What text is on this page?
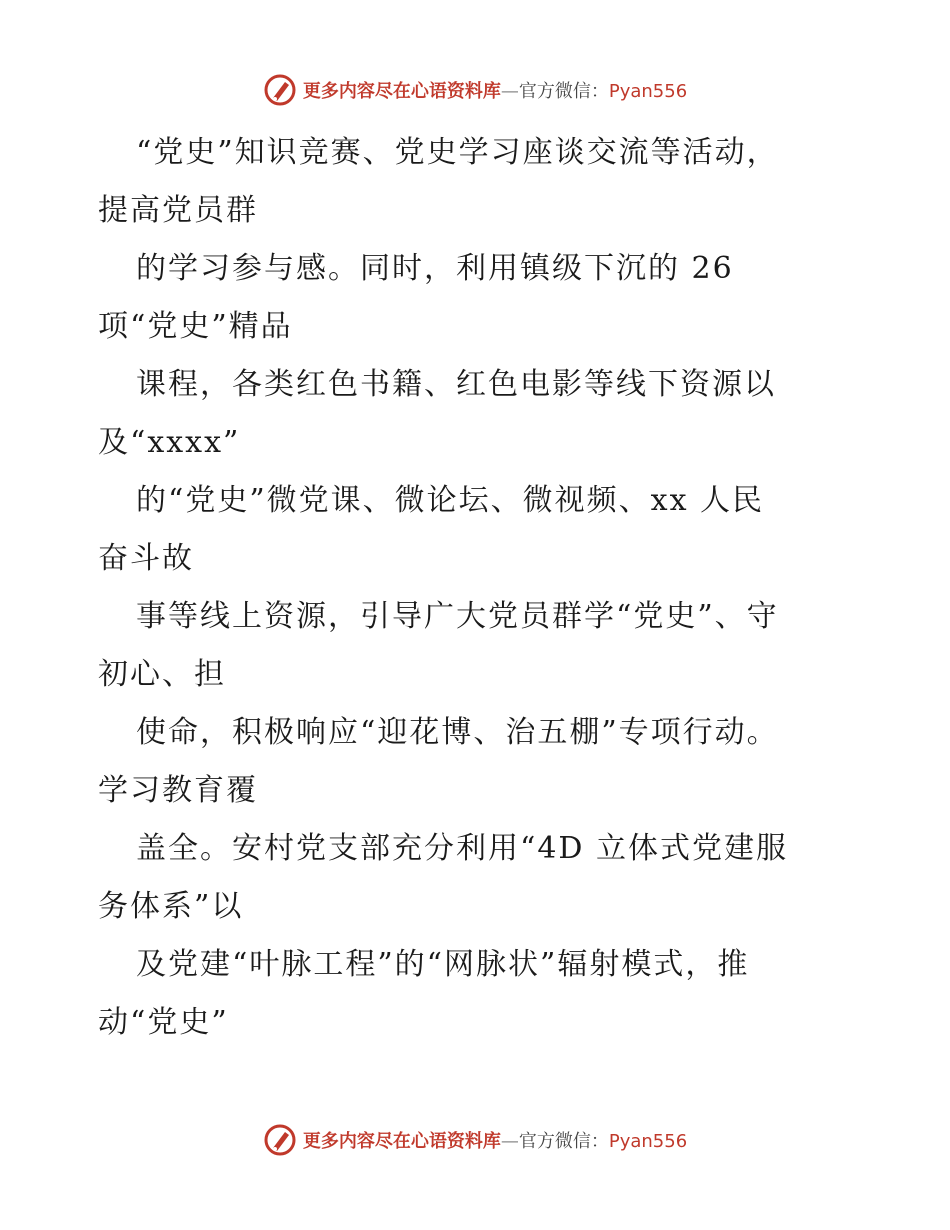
更多内容尽在心语资料库—官方微信：Pyan556
“党史”知识竞赛、党史学习座谈交流等活动，
提高党员群
的学习参与感。同时，利用镇级下沉的 26
项“党史”精品
课程，各类红色书籍、红色电影等线下资源以
及“xxxx”
的“党史”微党课、微论坛、微视频、xx 人民
奋斗故
事等线上资源，引导广大党员群学“党史”、守
初心、担
使命，积极响应“迎花博、治五棚”专项行动。
学习教育覆
盖全。安村党支部充分利用“4D 立体式党建服
务体系”以
及党建“叶脉工程”的“网脉状”辐射模式，推
动“党史”
更多内容尽在心语资料库—官方微信：Pyan556
